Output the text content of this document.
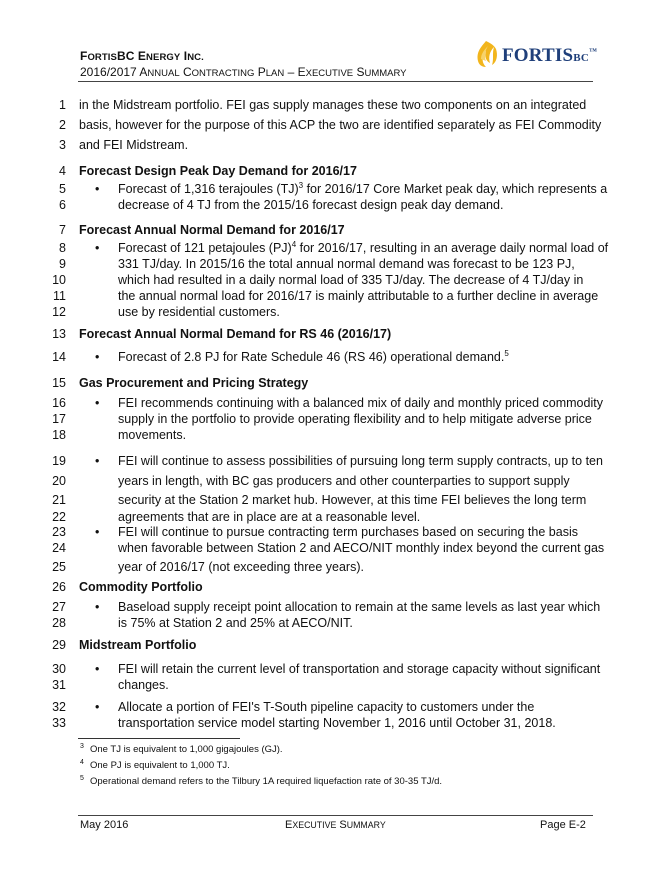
FORTISBC ENERGY INC.
2016/2017 ANNUAL CONTRACTING PLAN – EXECUTIVE SUMMARY
FORTISBC™
1
2
3
4
5
6
7
8
9
10
11
12
13
14
15
16
17
18
19
20
21
22
23
24
25
26
27
28
29
30
31
32
33
in the Midstream portfolio. FEI gas supply manages these two components on an integrated
basis, however for the purpose of this ACP the two are identified separately as FEI Commodity
and FEI Midstream.
Forecast Design Peak Day Demand for 2016/17
• Forecast of 1,316 terajoules (TJ)$^3$ for 2016/17 Core Market peak day, which represents a
decrease of 4 TJ from the 2015/16 forecast design peak day demand.
Forecast Annual Normal Demand for 2016/17
• Forecast of 121 petajoules (PJ)$^4$ for 2016/17, resulting in an average daily normal load of
331 TJ/day. In 2015/16 the total annual normal demand was forecast to be 123 PJ,
which had resulted in a daily normal load of 335 TJ/day. The decrease of 4 TJ/day in
the annual normal load for 2016/17 is mainly attributable to a further decline in average
use by residential customers.
Forecast Annual Normal Demand for RS 46 (2016/17)
• Forecast of 2.8 PJ for Rate Schedule 46 (RS 46) operational demand.$^5$
Gas Procurement and Pricing Strategy
• FEI recommends continuing with a balanced mix of daily and monthly priced commodity
supply in the portfolio to provide operating flexibility and to help mitigate adverse price
movements.
• FEI will continue to assess possibilities of pursuing long term supply contracts, up to ten
years in length, with BC gas producers and other counterparties to support supply
security at the Station 2 market hub. However, at this time FEI believes the long term
agreements that are in place are at a reasonable level.
• FEI will continue to pursue contracting term purchases based on securing the basis
when favorable between Station 2 and AECO/NIT monthly index beyond the current gas
year of 2016/17 (not exceeding three years).
Commodity Portfolio
• Baseload supply receipt point allocation to remain at the same levels as last year which
is 75% at Station 2 and 25% at AECO/NIT.
Midstream Portfolio
• FEI will retain the current level of transportation and storage capacity without significant
changes.
• Allocate a portion of FEI's T-South pipeline capacity to customers under the
transportation service model starting November 1, 2016 until October 31, 2018.
$^3$ One TJ is equivalent to 1,000 gigajoules (GJ).
$^4$ One PJ is equivalent to 1,000 TJ.
$^5$ Operational demand refers to the Tilbury 1A required liquefaction rate of 30-35 TJ/d.
May 2016	EXECUTIVE SUMMARY	Page E-2
